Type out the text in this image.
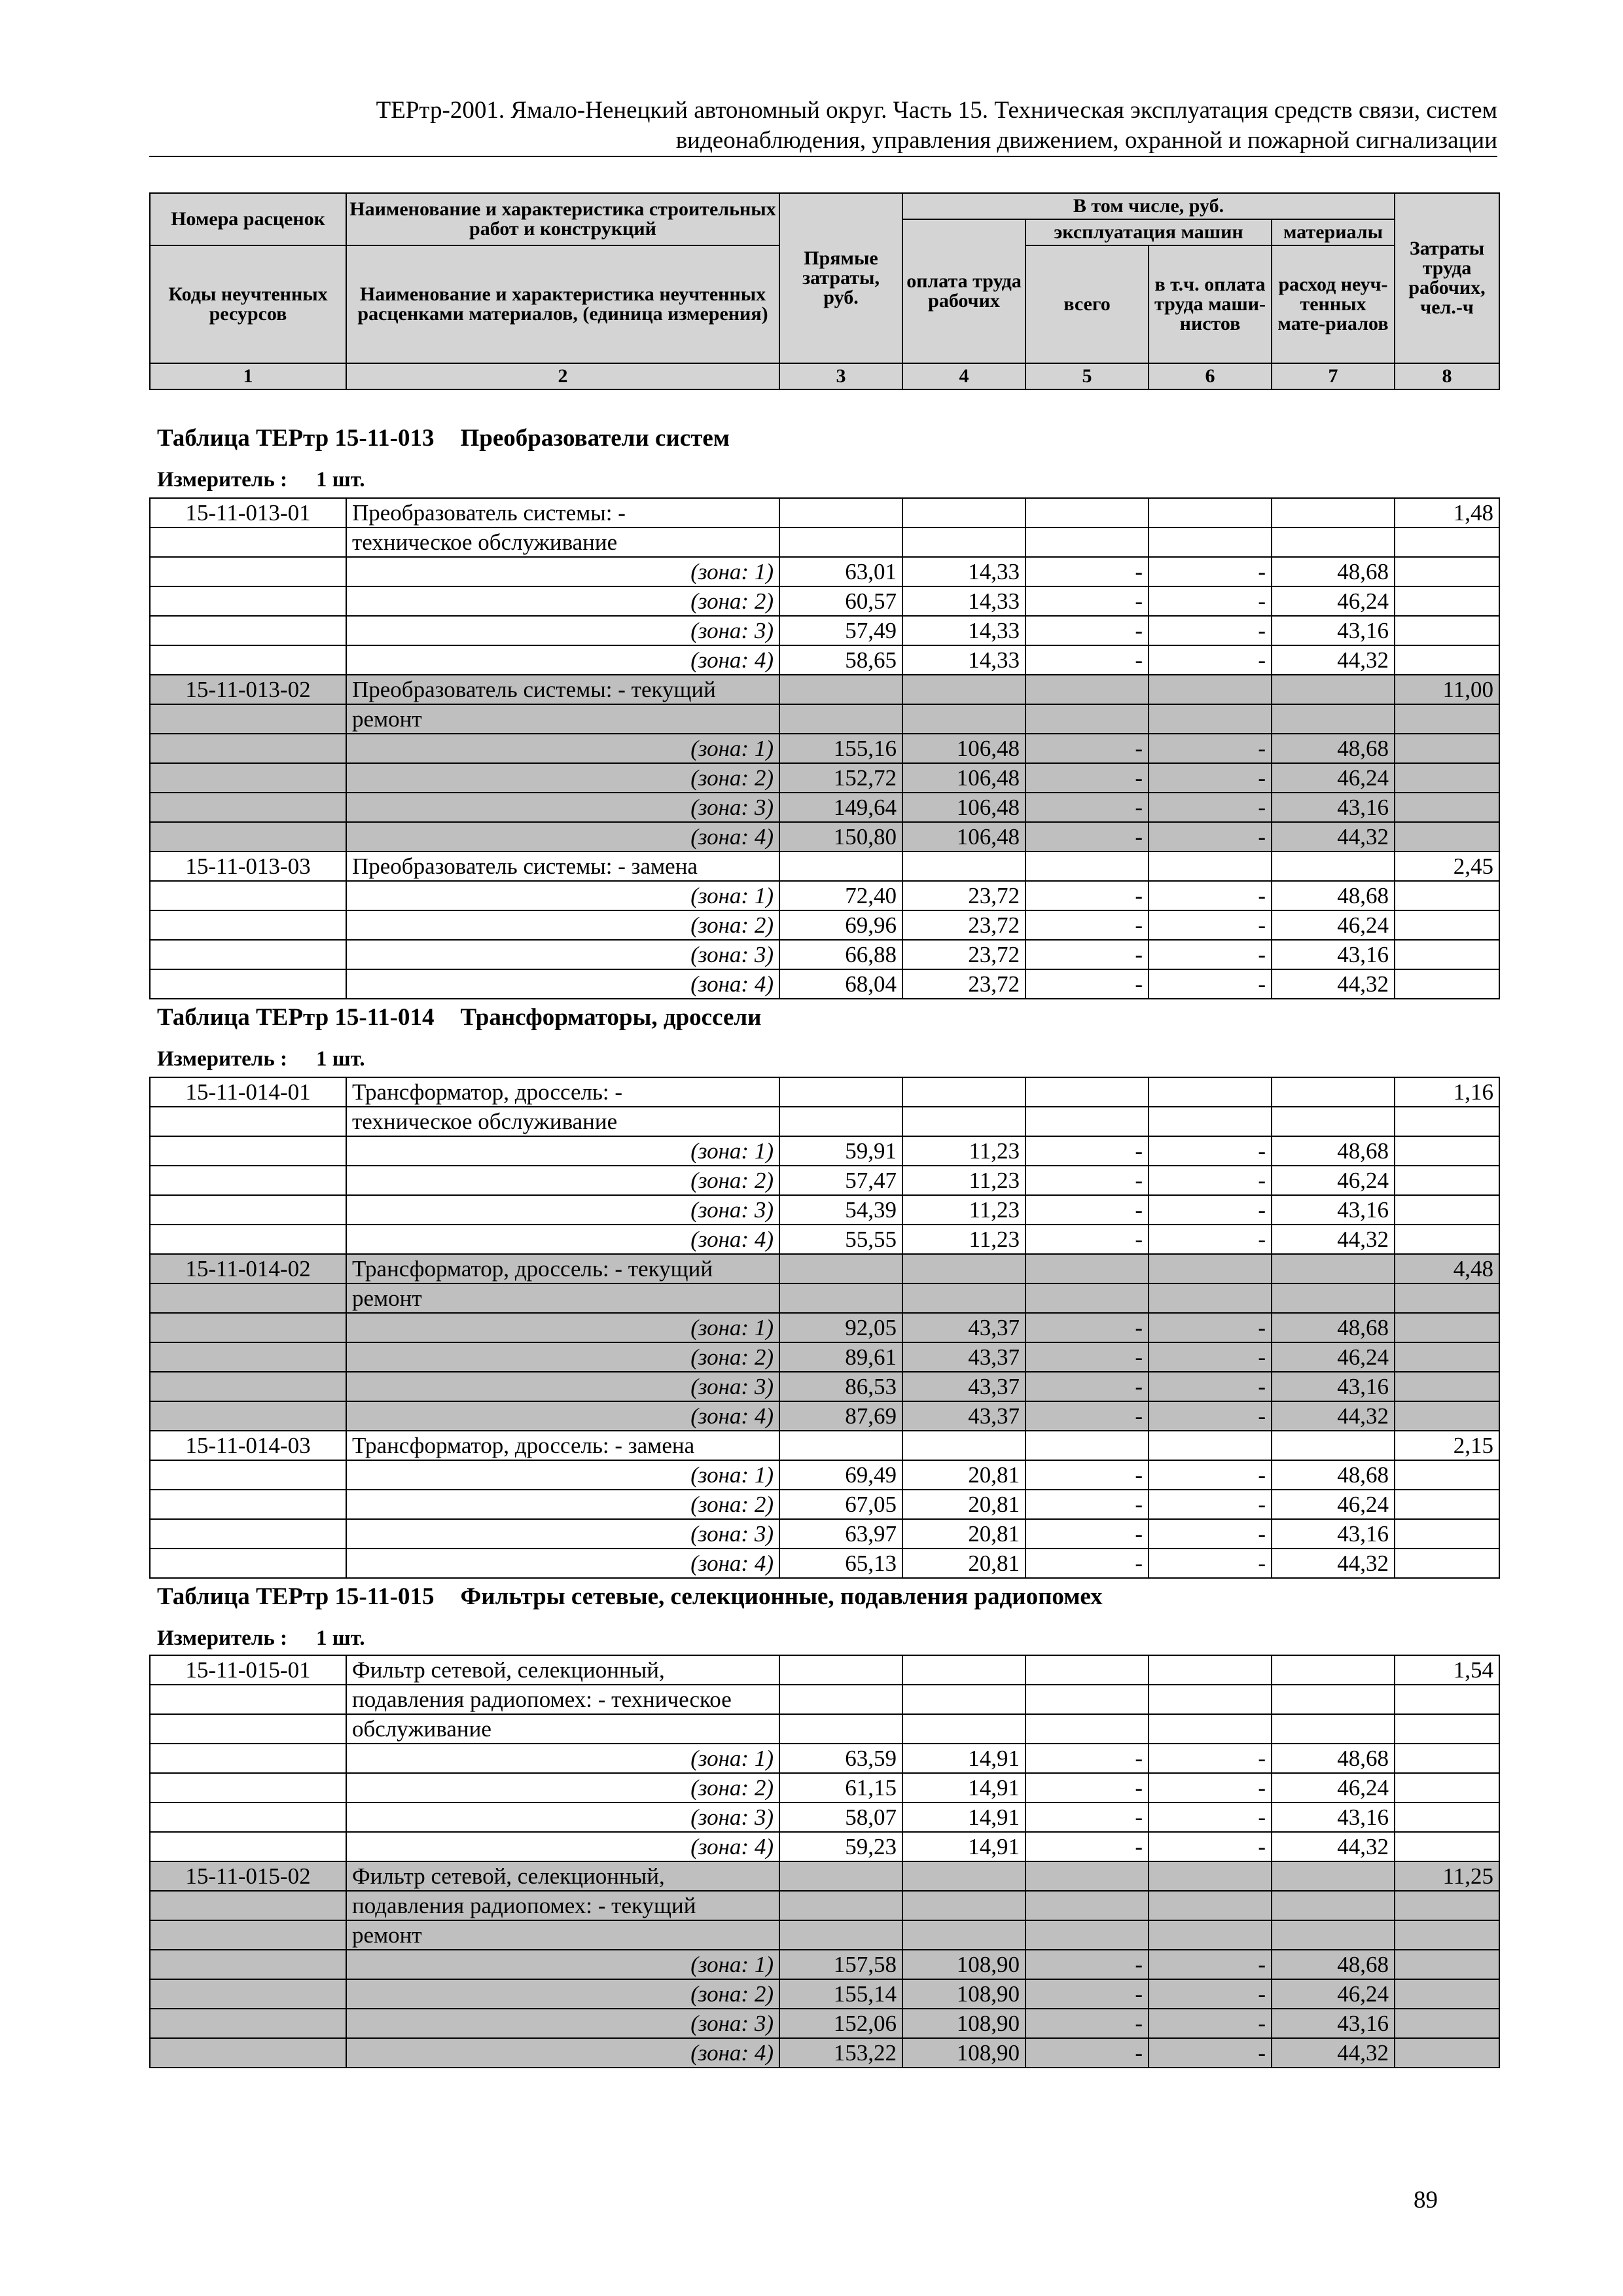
ТЕРтр-2001. Ямало-Ненецкий автономный округ. Часть 15. Техническая эксплуатация средств связи, систем
видеонаблюдения, управления движением, охранной и пожарной сигнализации
Номера расценок	Наименование и характеристика строительных работ и конструкций	Прямые затраты, руб.	В том числе, руб.				Затраты труда рабочих, чел.-ч
			оплата труда рабочих	эксплуатация машин		материалы	
Коды неучтенных ресурсов	Наименование и характеристика неучтенных расценками материалов, (единица измерения)			всего	в т.ч. оплата труда маши-нистов	расход неуч-тенных мате-риалов	

1	2	3	4	5	6	7	8
Таблица ТЕРтр 15-11-013 Преобразователи систем
Измеритель : 1 шт.
15-11-013-01	Преобразователь системы: -						1,48
	техническое обслуживание						
	(зона: 1)	63,01	14,33	-	-	48,68	
	(зона: 2)	60,57	14,33	-	-	46,24	
	(зона: 3)	57,49	14,33	-	-	43,16	
	(зона: 4)	58,65	14,33	-	-	44,32	
15-11-013-02	Преобразователь системы: - текущий						11,00
	ремонт						
	(зона: 1)	155,16	106,48	-	-	48,68	
	(зона: 2)	152,72	106,48	-	-	46,24	
	(зона: 3)	149,64	106,48	-	-	43,16	
	(зона: 4)	150,80	106,48	-	-	44,32	
15-11-013-03	Преобразователь системы: - замена						2,45
	(зона: 1)	72,40	23,72	-	-	48,68	
	(зона: 2)	69,96	23,72	-	-	46,24	
	(зона: 3)	66,88	23,72	-	-	43,16	
	(зона: 4)	68,04	23,72	-	-	44,32	
Таблица ТЕРтр 15-11-014 Трансформаторы, дроссели
Измеритель : 1 шт.
15-11-014-01	Трансформатор, дроссель: -						1,16
	техническое обслуживание						
	(зона: 1)	59,91	11,23	-	-	48,68	
	(зона: 2)	57,47	11,23	-	-	46,24	
	(зона: 3)	54,39	11,23	-	-	43,16	
	(зона: 4)	55,55	11,23	-	-	44,32	
15-11-014-02	Трансформатор, дроссель: - текущий						4,48
	ремонт						
	(зона: 1)	92,05	43,37	-	-	48,68	
	(зона: 2)	89,61	43,37	-	-	46,24	
	(зона: 3)	86,53	43,37	-	-	43,16	
	(зона: 4)	87,69	43,37	-	-	44,32	
15-11-014-03	Трансформатор, дроссель: - замена						2,15
	(зона: 1)	69,49	20,81	-	-	48,68	
	(зона: 2)	67,05	20,81	-	-	46,24	
	(зона: 3)	63,97	20,81	-	-	43,16	
	(зона: 4)	65,13	20,81	-	-	44,32	
Таблица ТЕРтр 15-11-015 Фильтры сетевые, селекционные, подавления радиопомех
Измеритель : 1 шт.
15-11-015-01	Фильтр сетевой, селекционный,						1,54
	подавления радиопомех: - техническое						
	обслуживание						
	(зона: 1)	63,59	14,91	-	-	48,68	
	(зона: 2)	61,15	14,91	-	-	46,24	
	(зона: 3)	58,07	14,91	-	-	43,16	
	(зона: 4)	59,23	14,91	-	-	44,32	
15-11-015-02	Фильтр сетевой, селекционный,						11,25
	подавления радиопомех: - текущий						
	ремонт						
	(зона: 1)	157,58	108,90	-	-	48,68	
	(зона: 2)	155,14	108,90	-	-	46,24	
	(зона: 3)	152,06	108,90	-	-	43,16	
	(зона: 4)	153,22	108,90	-	-	44,32	
89
